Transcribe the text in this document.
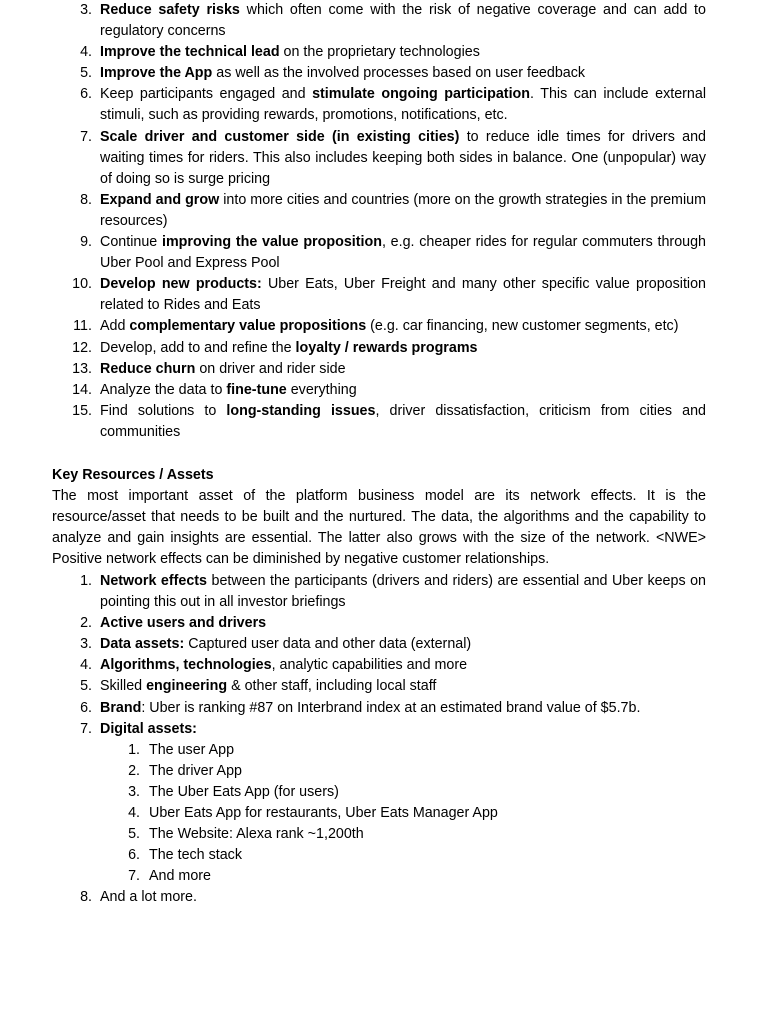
3. Reduce safety risks which often come with the risk of negative coverage and can add to regulatory concerns
4. Improve the technical lead on the proprietary technologies
5. Improve the App as well as the involved processes based on user feedback
6. Keep participants engaged and stimulate ongoing participation. This can include external stimuli, such as providing rewards, promotions, notifications, etc.
7. Scale driver and customer side (in existing cities) to reduce idle times for drivers and waiting times for riders. This also includes keeping both sides in balance. One (unpopular) way of doing so is surge pricing
8. Expand and grow into more cities and countries (more on the growth strategies in the premium resources)
9. Continue improving the value proposition, e.g. cheaper rides for regular commuters through Uber Pool and Express Pool
10. Develop new products: Uber Eats, Uber Freight and many other specific value proposition related to Rides and Eats
11. Add complementary value propositions (e.g. car financing, new customer segments, etc)
12. Develop, add to and refine the loyalty / rewards programs
13. Reduce churn on driver and rider side
14. Analyze the data to fine-tune everything
15. Find solutions to long-standing issues, driver dissatisfaction, criticism from cities and communities
Key Resources / Assets

The most important asset of the platform business model are its network effects. It is the resource/asset that needs to be built and the nurtured. The data, the algorithms and the capability to analyze and gain insights are essential. The latter also grows with the size of the network. <NWE> Positive network effects can be diminished by negative customer relationships.

1. Network effects between the participants (drivers and riders) are essential and Uber keeps on pointing this out in all investor briefings
2. Active users and drivers
3. Data assets: Captured user data and other data (external)
4. Algorithms, technologies, analytic capabilities and more
5. Skilled engineering & other staff, including local staff
6. Brand: Uber is ranking #87 on Interbrand index at an estimated brand value of $5.7b.
7. Digital assets:
1. The user App
2. The driver App
3. The Uber Eats App (for users)
4. Uber Eats App for restaurants, Uber Eats Manager App
5. The Website: Alexa rank ~1,200th
6. The tech stack
7. And more
8. And a lot more.
